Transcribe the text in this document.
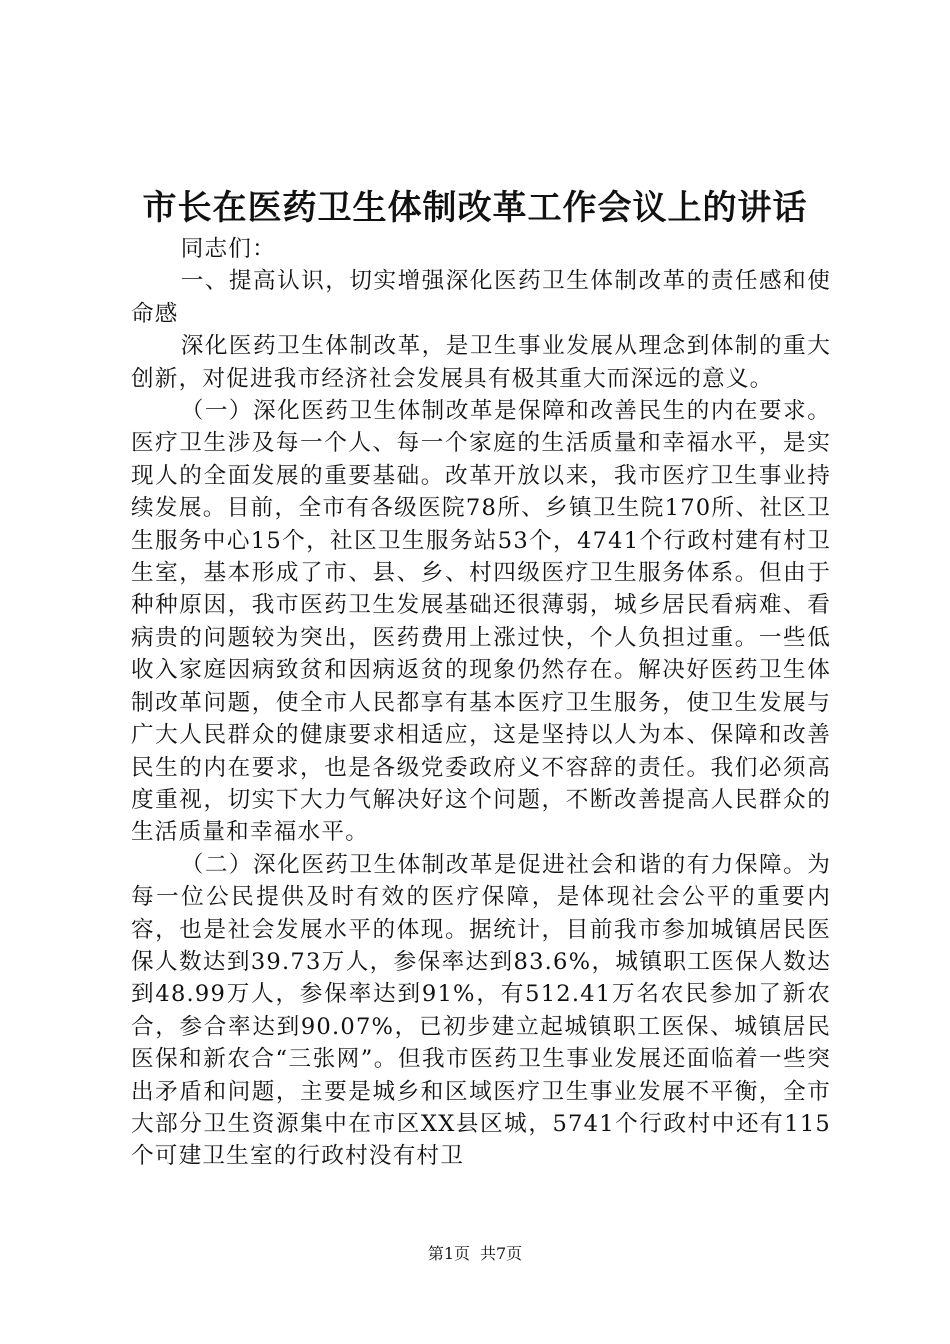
市长在医药卫生体制改革工作会议上的讲话

同志们：

一、提高认识，切实增强深化医药卫生体制改革的责任感和使命感

深化医药卫生体制改革，是卫生事业发展从理念到体制的重大创新，对促进我市经济社会发展具有极其重大而深远的意义。

（一）深化医药卫生体制改革是保障和改善民生的内在要求。医疗卫生涉及每一个人、每一个家庭的生活质量和幸福水平，是实现人的全面发展的重要基础。改革开放以来，我市医疗卫生事业持续发展。目前，全市有各级医院78所、乡镇卫生院170所、社区卫生服务中心15个，社区卫生服务站53个，4741个行政村建有村卫生室，基本形成了市、县、乡、村四级医疗卫生服务体系。但由于种种原因，我市医药卫生发展基础还很薄弱，城乡居民看病难、看病贵的问题较为突出，医药费用上涨过快，个人负担过重。一些低收入家庭因病致贫和因病返贫的现象仍然存在。解决好医药卫生体制改革问题，使全市人民都享有基本医疗卫生服务，使卫生发展与广大人民群众的健康要求相适应，这是坚持以人为本、保障和改善民生的内在要求，也是各级党委政府义不容辞的责任。我们必须高度重视，切实下大力气解决好这个问题，不断改善提高人民群众的生活质量和幸福水平。

（二）深化医药卫生体制改革是促进社会和谐的有力保障。为每一位公民提供及时有效的医疗保障，是体现社会公平的重要内容，也是社会发展水平的体现。据统计，目前我市参加城镇居民医保人数达到39.73万人，参保率达到83.6%，城镇职工医保人数达到48.99万人，参保率达到91%，有512.41万名农民参加了新农合，参合率达到90.07%，已初步建立起城镇职工医保、城镇居民医保和新农合“三张网”。但我市医药卫生事业发展还面临着一些突出矛盾和问题，主要是城乡和区域医疗卫生事业发展不平衡，全市大部分卫生资源集中在市区XX县区城，5741个行政村中还有115个可建卫生室的行政村没有村卫

第1页 共7页
